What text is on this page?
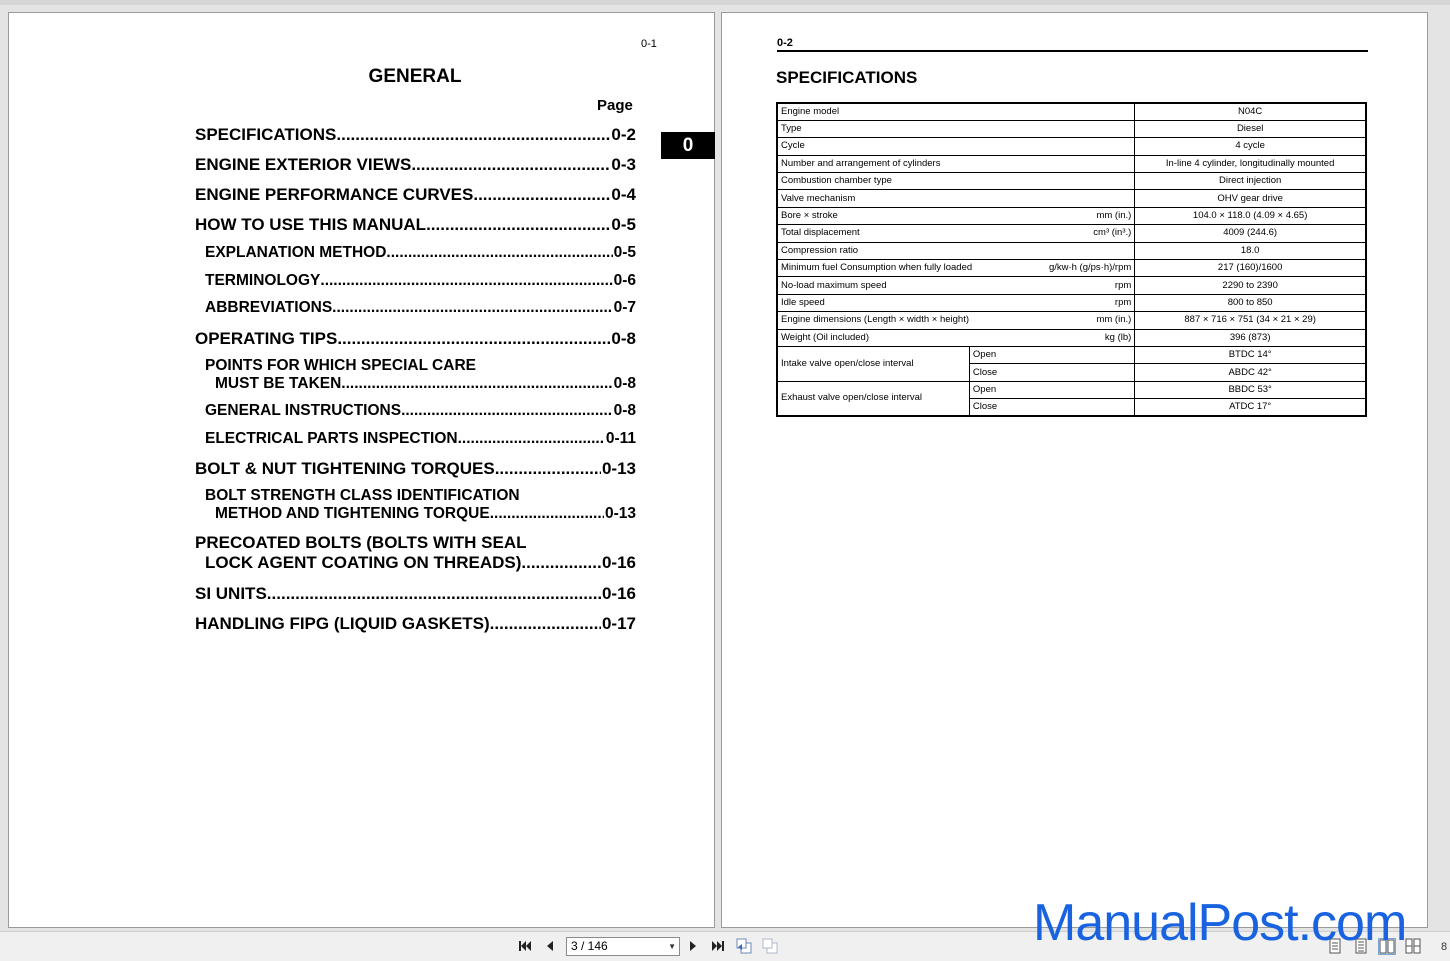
0-1
GENERAL
Page
0
SPECIFICATIONS .....	0-2
ENGINE EXTERIOR VIEWS .....	0-3
ENGINE PERFORMANCE CURVES .....	0-4
HOW TO USE THIS MANUAL .....	0-5
EXPLANATION METHOD .....	0-5
TERMINOLOGY .....	0-6
ABBREVIATIONS .....	0-7
OPERATING TIPS .....	0-8
POINTS FOR WHICH SPECIAL CARE
MUST BE TAKEN .....	0-8
GENERAL INSTRUCTIONS .....	0-8
ELECTRICAL PARTS INSPECTION .....	0-11
BOLT & NUT TIGHTENING TORQUES .....	0-13
BOLT STRENGTH CLASS IDENTIFICATION
METHOD AND TIGHTENING TORQUE .....	0-13
PRECOATED BOLTS (BOLTS WITH SEAL
LOCK AGENT COATING ON THREADS) .....	0-16
SI UNITS .....	0-16
HANDLING FIPG (LIQUID GASKETS) .....	0-17
0-2
SPECIFICATIONS
Engine model		N04C

Type		Diesel

Cycle		4 cycle

Number and arrangement of cylinders		In-line 4 cylinder, longitudinally mounted

Combustion chamber type		Direct injection

Valve mechanism		OHV gear drive

Bore × stroke mm (in.)		104.0 × 118.0 (4.09 × 4.65)

Total displacement cm³ (in³.)		4009 (244.6)

Compression ratio		18.0

Minimum fuel Consumption when fully loaded g/kw·h (g/ps·h)/rpm		217 (160)/1600

No-load maximum speed rpm		2290 to 2390

Idle speed rpm		800 to 850

Engine dimensions (Length × width × height) mm (in.)		887 × 716 × 751 (34 × 21 × 29)

Weight (Oil included) kg (lb)		396 (873)
Intake valve open/close interval	Open	BTDC 14°
	Close	ABDC 42°
Exhaust valve open/close interval	Open	BBDC 53°
	Close	ATDC 17°
3 / 146	▼	ManualPost.com	8
